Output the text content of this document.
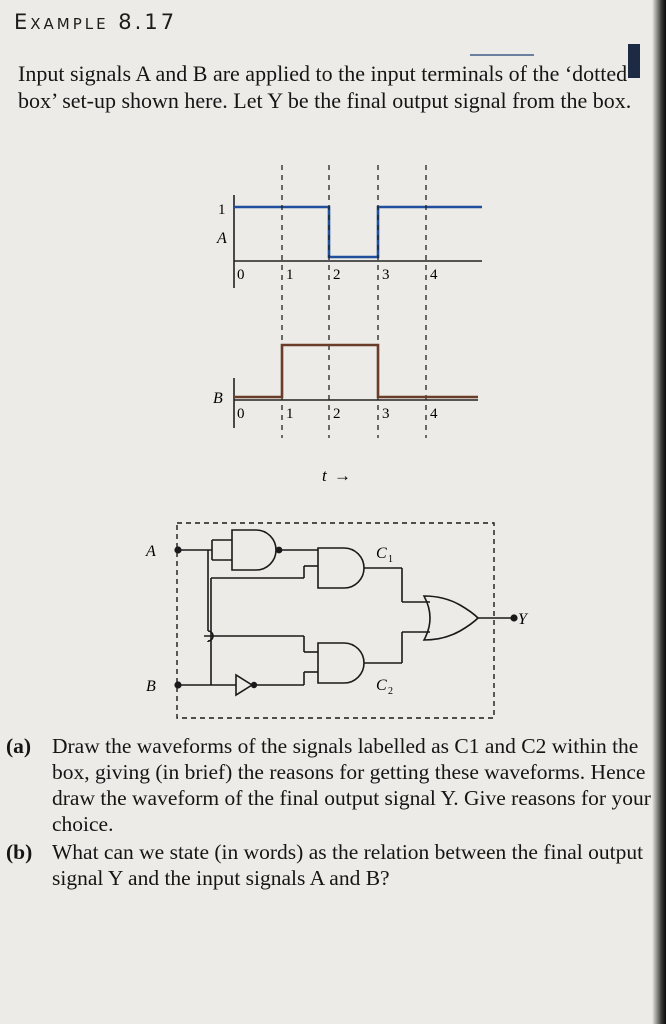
Example 8.17

Input signals A and B are applied to the input terminals of the ‘dotted box’ set-up shown here. Let Y be the final output signal from the box.

1
A
0	1	2	3	4
B
0	1	2	3	4
t →
A
B
Y
C 1
C 2
(a) Draw the waveforms of the signals labelled as C1 and C2 within the box, giving (in brief) the reasons for getting these waveforms. Hence draw the waveform of the final output signal Y. Give reasons for your choice.
(b) What can we state (in words) as the relation between the final output signal Y and the input signals A and B?
